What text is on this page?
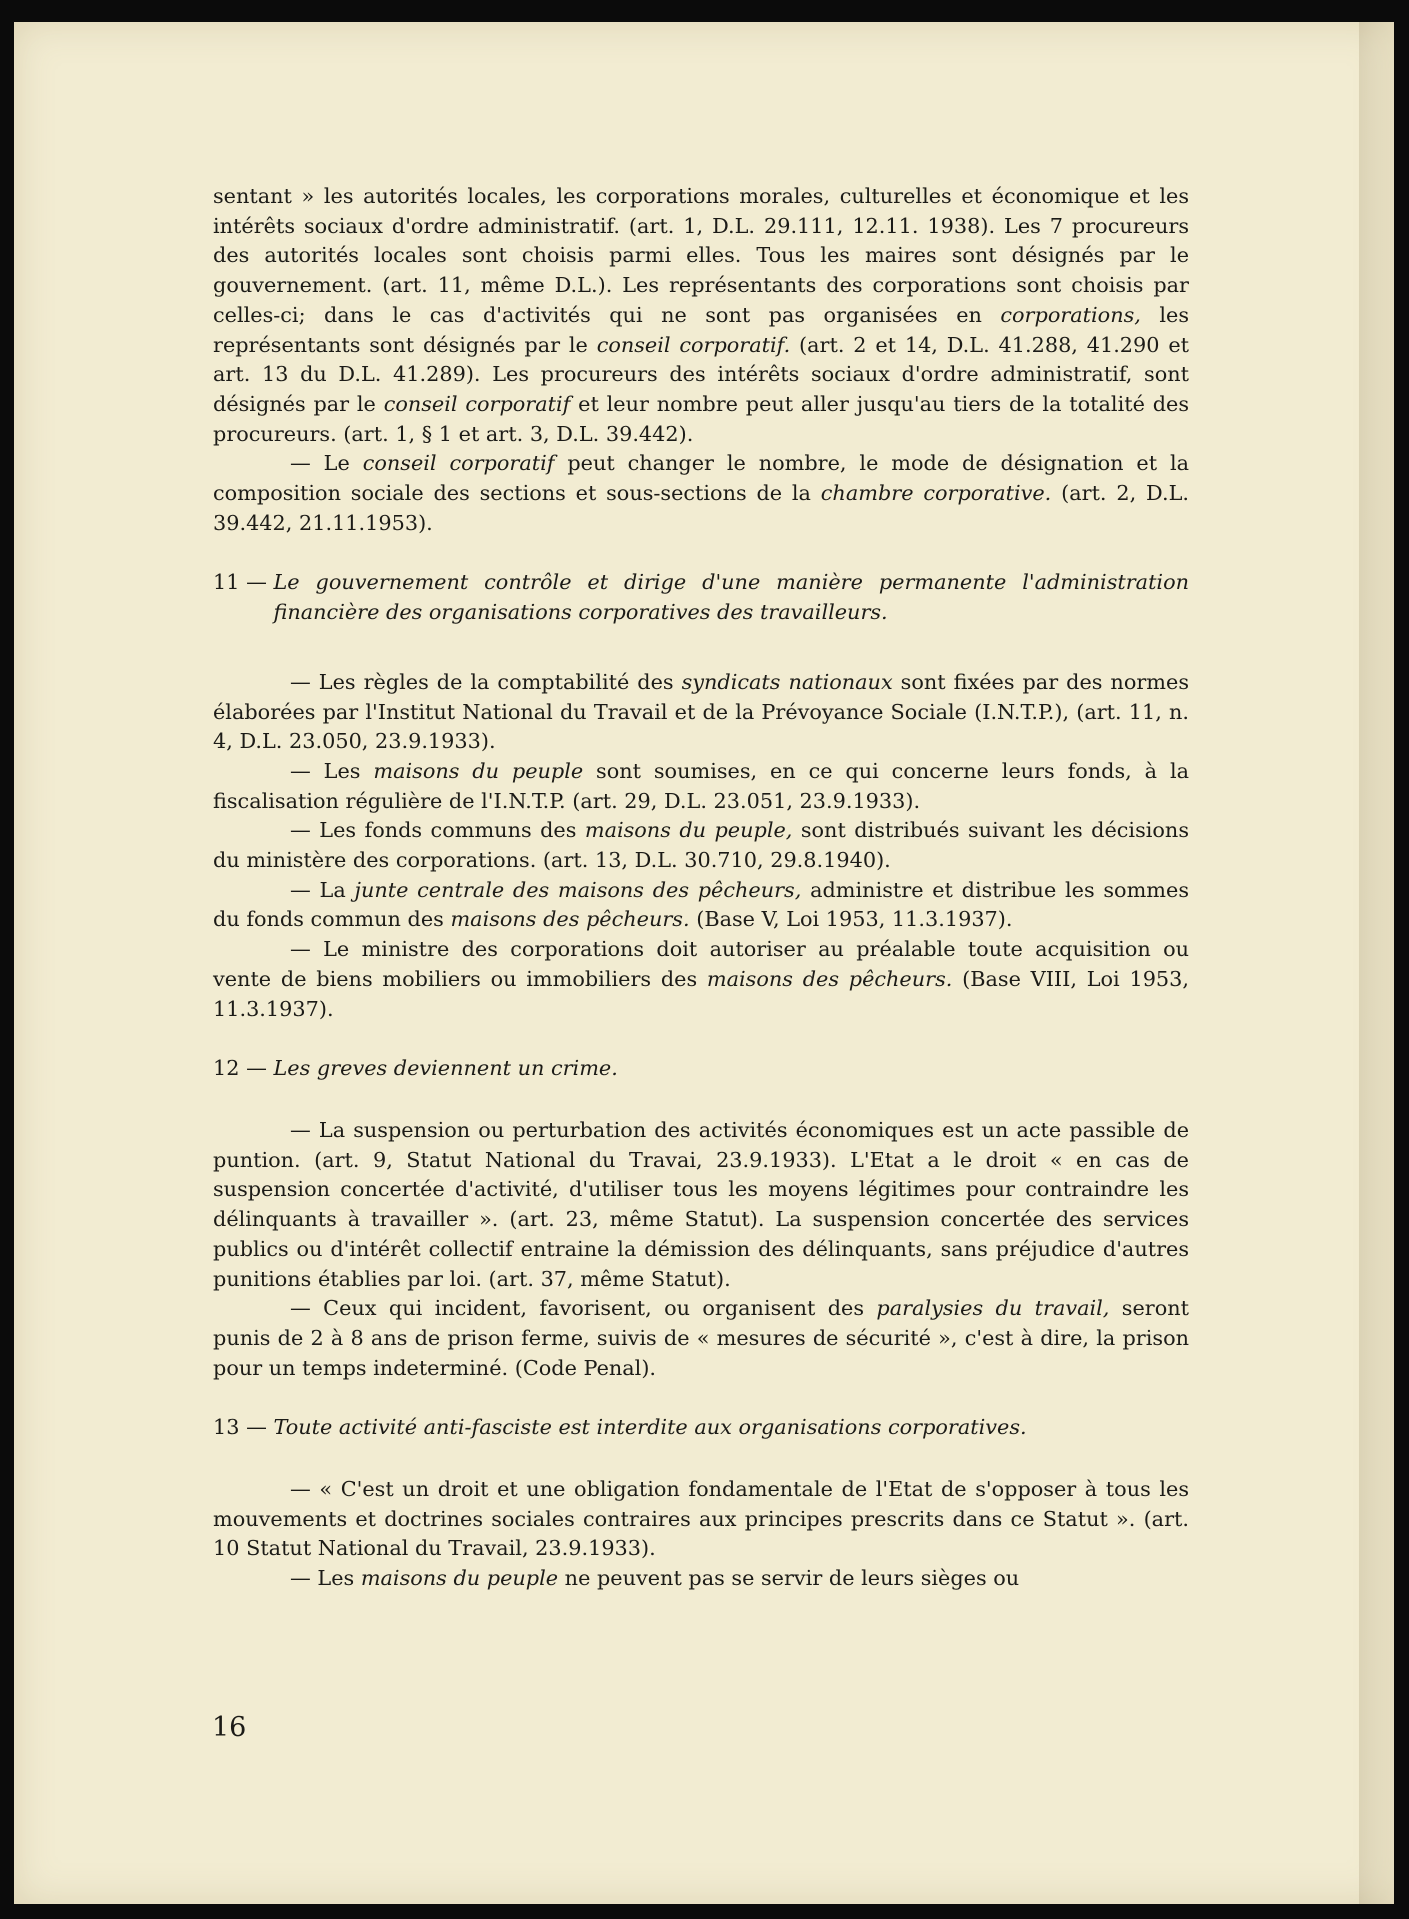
sentant » les autorités locales, les corporations morales, culturelles et économique et les intérêts sociaux d'ordre administratif. (art. 1, D.L. 29.111, 12.11. 1938). Les 7 procureurs des autorités locales sont choisis parmi elles. Tous les maires sont désignés par le gouvernement. (art. 11, même D.L.). Les représentants des corporations sont choisis par celles-ci; dans le cas d'activités qui ne sont pas organisées en corporations, les représentants sont désignés par le conseil corporatif. (art. 2 et 14, D.L. 41.288, 41.290 et art. 13 du D.L. 41.289). Les procureurs des intérêts sociaux d'ordre administratif, sont désignés par le conseil corporatif et leur nombre peut aller jusqu'au tiers de la totalité des procureurs. (art. 1, § 1 et art. 3, D.L. 39.442).

— Le conseil corporatif peut changer le nombre, le mode de désignation et la composition sociale des sections et sous-sections de la chambre corporative. (art. 2, D.L. 39.442, 21.11.1953).

11 — Le gouvernement contrôle et dirige d'une manière permanente l'administration financière des organisations corporatives des travailleurs.

— Les règles de la comptabilité des syndicats nationaux sont fixées par des normes élaborées par l'Institut National du Travail et de la Prévoyance Sociale (I.N.T.P.), (art. 11, n. 4, D.L. 23.050, 23.9.1933).

— Les maisons du peuple sont soumises, en ce qui concerne leurs fonds, à la fiscalisation régulière de l'I.N.T.P. (art. 29, D.L. 23.051, 23.9.1933).

— Les fonds communs des maisons du peuple, sont distribués suivant les décisions du ministère des corporations. (art. 13, D.L. 30.710, 29.8.1940).

— La junte centrale des maisons des pêcheurs, administre et distribue les sommes du fonds commun des maisons des pêcheurs. (Base V, Loi 1953, 11.3.1937).

— Le ministre des corporations doit autoriser au préalable toute acquisition ou vente de biens mobiliers ou immobiliers des maisons des pêcheurs. (Base VIII, Loi 1953, 11.3.1937).

12 — Les greves deviennent un crime.

— La suspension ou perturbation des activités économiques est un acte passible de puntion. (art. 9, Statut National du Travai, 23.9.1933). L'Etat a le droit « en cas de suspension concertée d'activité, d'utiliser tous les moyens légitimes pour contraindre les délinquants à travailler ». (art. 23, même Statut). La suspension concertée des services publics ou d'intérêt collectif entraine la démission des délinquants, sans préjudice d'autres punitions établies par loi. (art. 37, même Statut).

— Ceux qui incident, favorisent, ou organisent des paralysies du travail, seront punis de 2 à 8 ans de prison ferme, suivis de « mesures de sécurité », c'est à dire, la prison pour un temps indeterminé. (Code Penal).

13 — Toute activité anti-fasciste est interdite aux organisations corporatives.

— « C'est un droit et une obligation fondamentale de l'Etat de s'opposer à tous les mouvements et doctrines sociales contraires aux principes prescrits dans ce Statut ». (art. 10 Statut National du Travail, 23.9.1933).

— Les maisons du peuple ne peuvent pas se servir de leurs sièges ou

16
